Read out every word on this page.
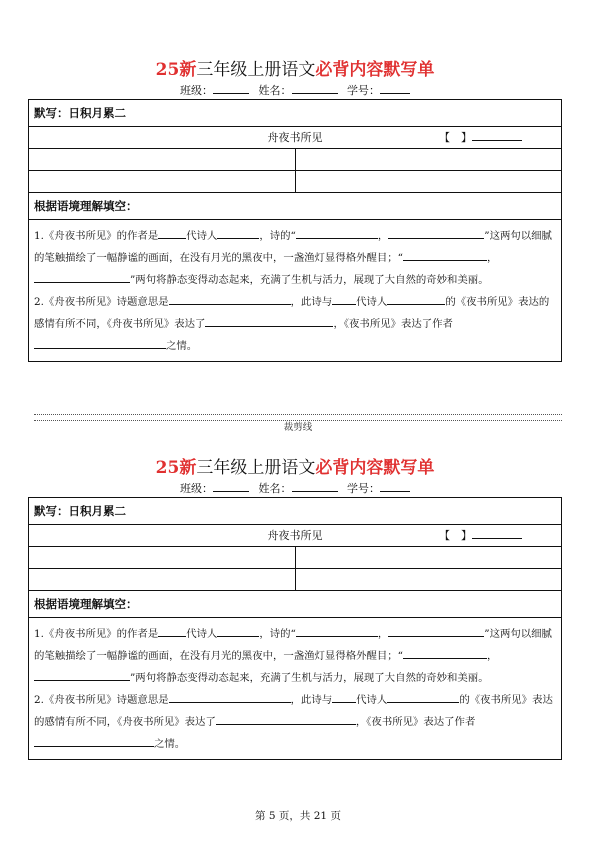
25新三年级上册语文必背内容默写单
班级：	姓名：	学号：
默写：日积月累二
舟夜书所见	【　】
根据语境理解填空：

1.《舟夜书所见》的作者是	代诗人	，诗的“	，	”这两句以细腻的笔触描绘了一幅静谧的画面，在没有月光的黑夜中，一盏渔灯显得格外醒目；“	，”两句将静态变得动态起来，充满了生机与活力，展现了大自然的奇妙和美丽。

2.《舟夜书所见》诗题意思是	，此诗与 代诗人	的《夜书所见》表达的感情有所不同，《舟夜书所见》表达了	，《夜书所见》表达了作者之情。

裁剪线
25新三年级上册语文必背内容默写单
班级：	姓名：	学号：
默写：日积月累二
舟夜书所见	【　】
根据语境理解填空：

1.《舟夜书所见》的作者是	代诗人	，诗的“	，	”这两句以细腻的笔触描绘了一幅静谧的画面，在没有月光的黑夜中，一盏渔灯显得格外醒目；“	，”两句将静态变得动态起来，充满了生机与活力，展现了大自然的奇妙和美丽。

2.《舟夜书所见》诗题意思是	，此诗与 代诗人	的《夜书所见》表达的感情有所不同，《舟夜书所见》表达了	，《夜书所见》表达了作者之情。

第 5 页，共 21 页
